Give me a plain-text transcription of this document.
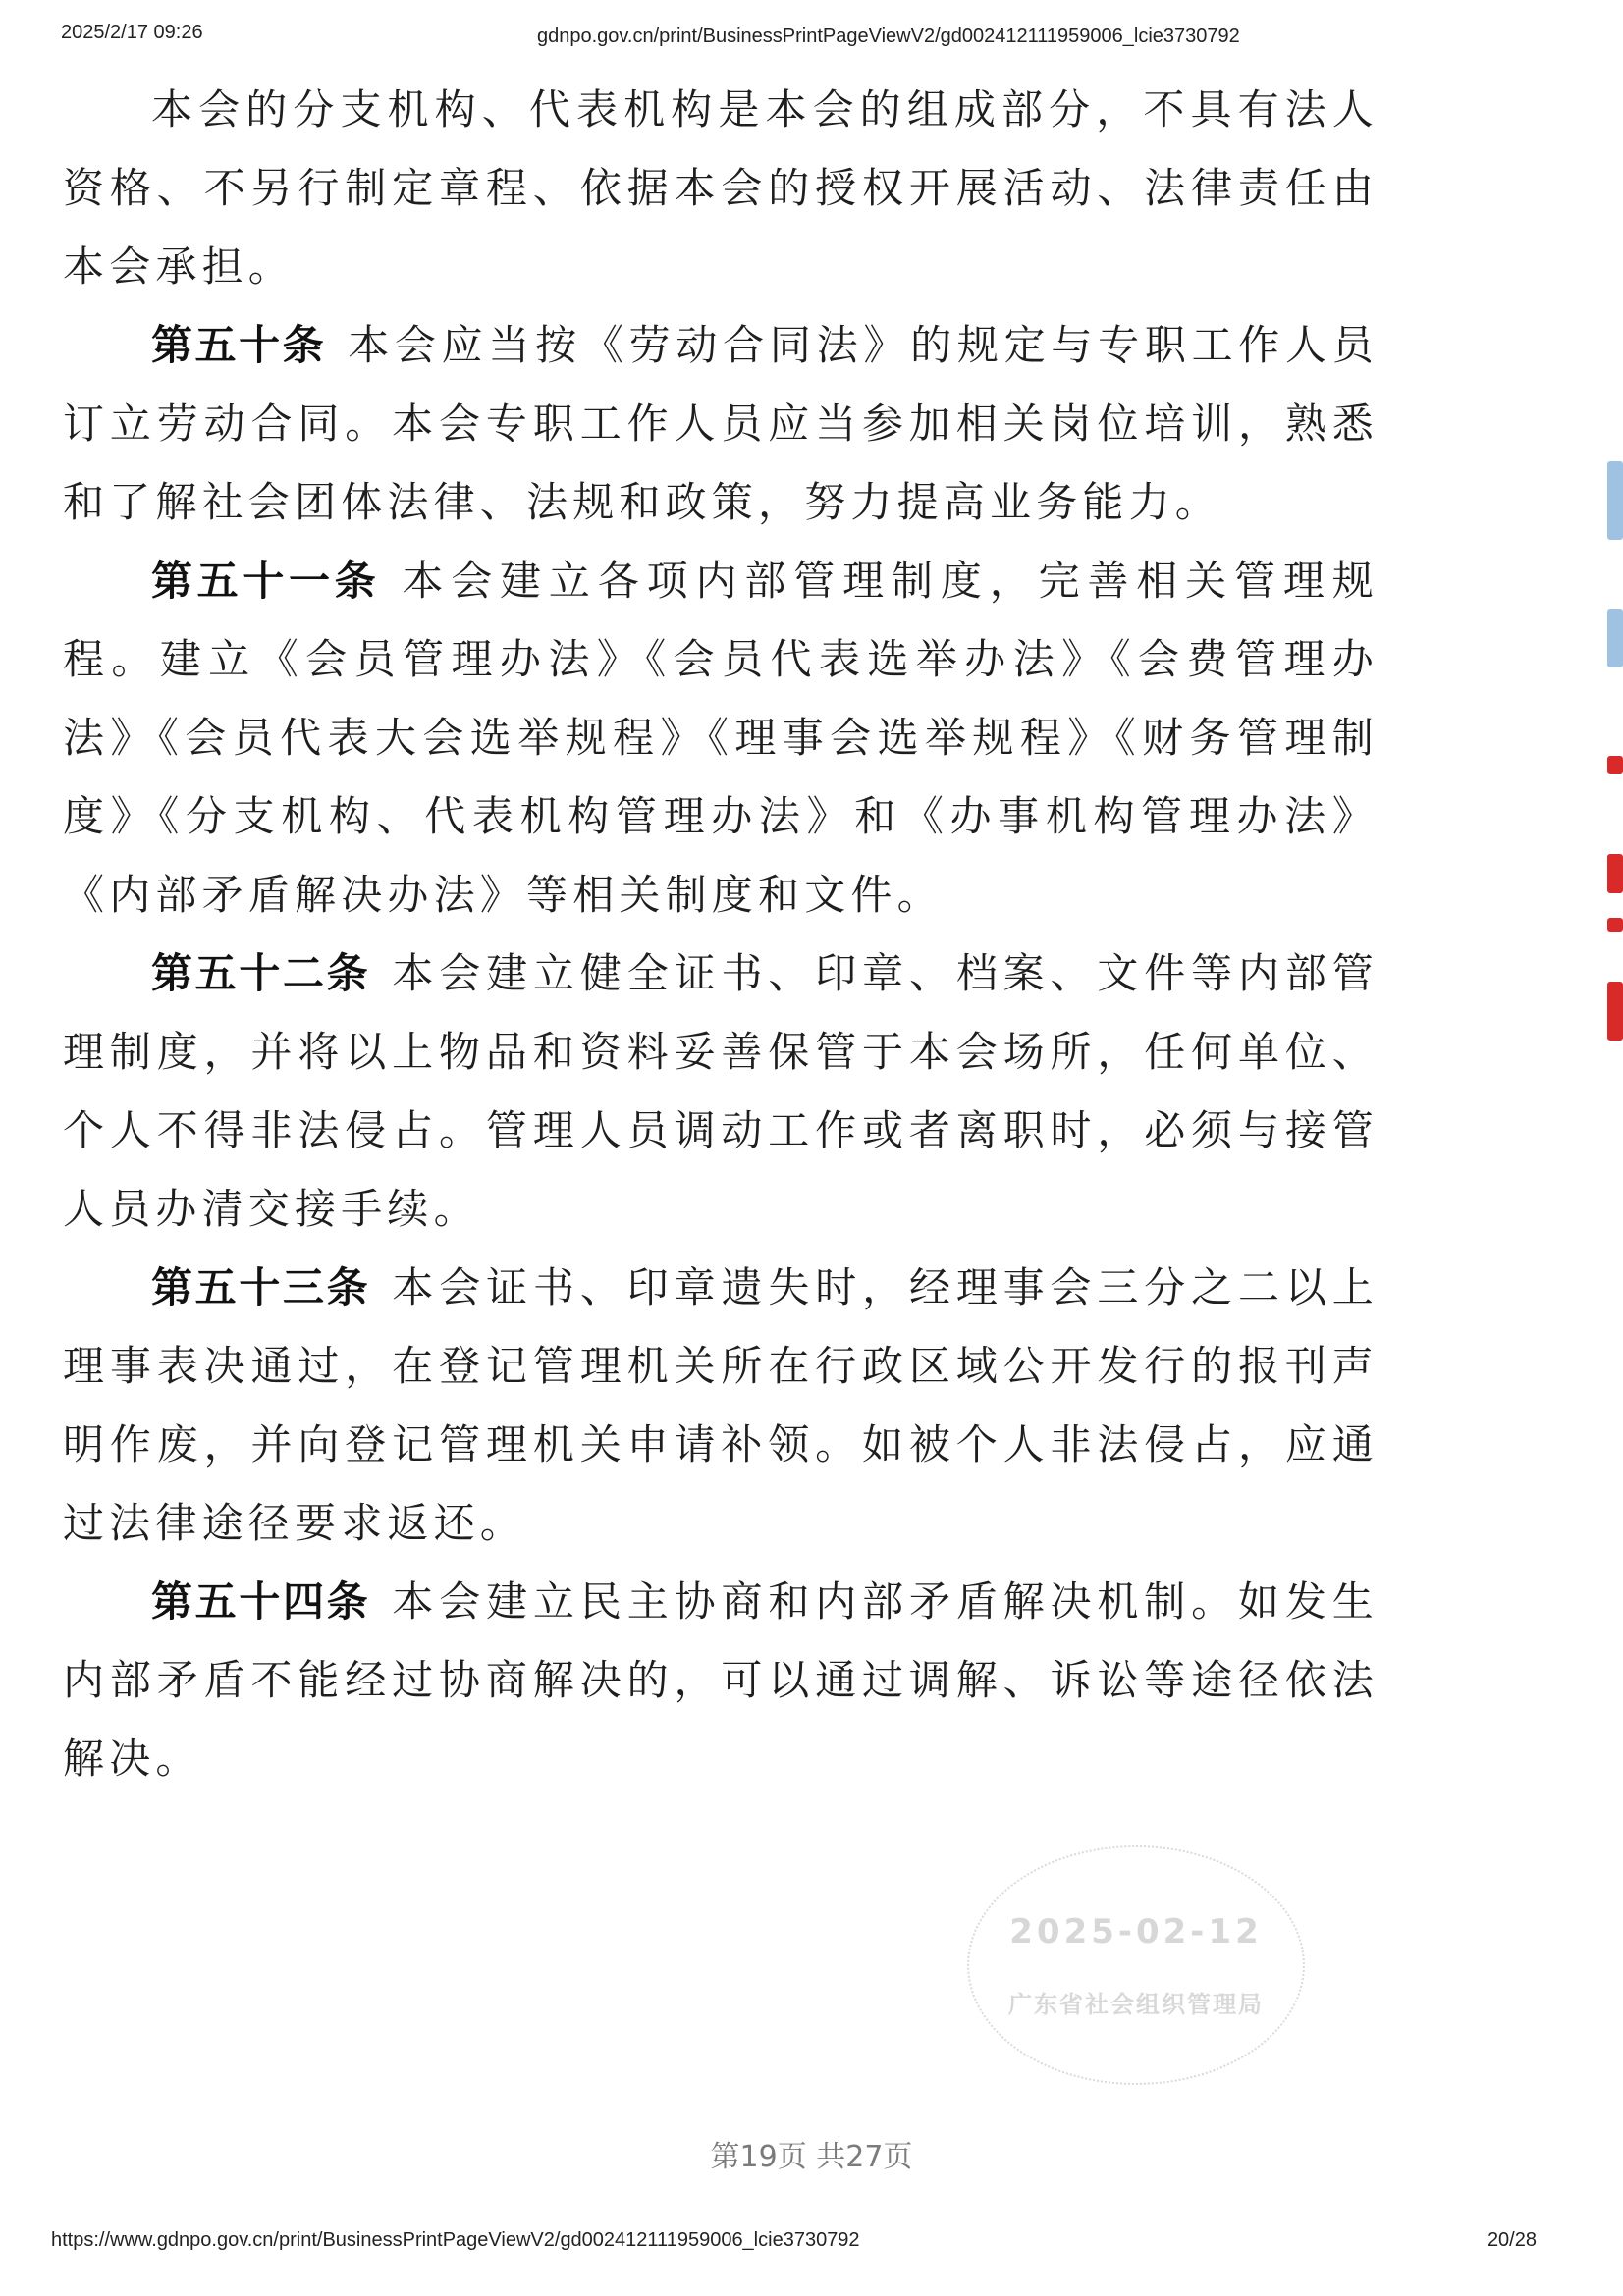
2025/2/17 09:26	gdnpo.gov.cn/print/BusinessPrintPageViewV2/gd002412111959006_lcie3730792

本会的分支机构、代表机构是本会的组成部分，不具有法人资格、不另行制定章程、依据本会的授权开展活动、法律责任由本会承担。

第五十条 本会应当按《劳动合同法》的规定与专职工作人员订立劳动合同。本会专职工作人员应当参加相关岗位培训，熟悉和了解社会团体法律、法规和政策，努力提高业务能力。

第五十一条 本会建立各项内部管理制度，完善相关管理规程。建立《会员管理办法》《会员代表选举办法》《会费管理办法》《会员代表大会选举规程》《理事会选举规程》《财务管理制度》《分支机构、代表机构管理办法》和《办事机构管理办法》《内部矛盾解决办法》等相关制度和文件。

第五十二条 本会建立健全证书、印章、档案、文件等内部管理制度，并将以上物品和资料妥善保管于本会场所，任何单位、个人不得非法侵占。管理人员调动工作或者离职时，必须与接管人员办清交接手续。

第五十三条 本会证书、印章遗失时，经理事会三分之二以上理事表决通过，在登记管理机关所在行政区域公开发行的报刊声明作废，并向登记管理机关申请补领。如被个人非法侵占，应通过法律途径要求返还。

第五十四条 本会建立民主协商和内部矛盾解决机制。如发生内部矛盾不能经过协商解决的，可以通过调解、诉讼等途径依法解决。

2025-02-12
广东省社会组织管理局
第19页 共27页
https://www.gdnpo.gov.cn/print/BusinessPrintPageViewV2/gd002412111959006_lcie3730792	20/28
